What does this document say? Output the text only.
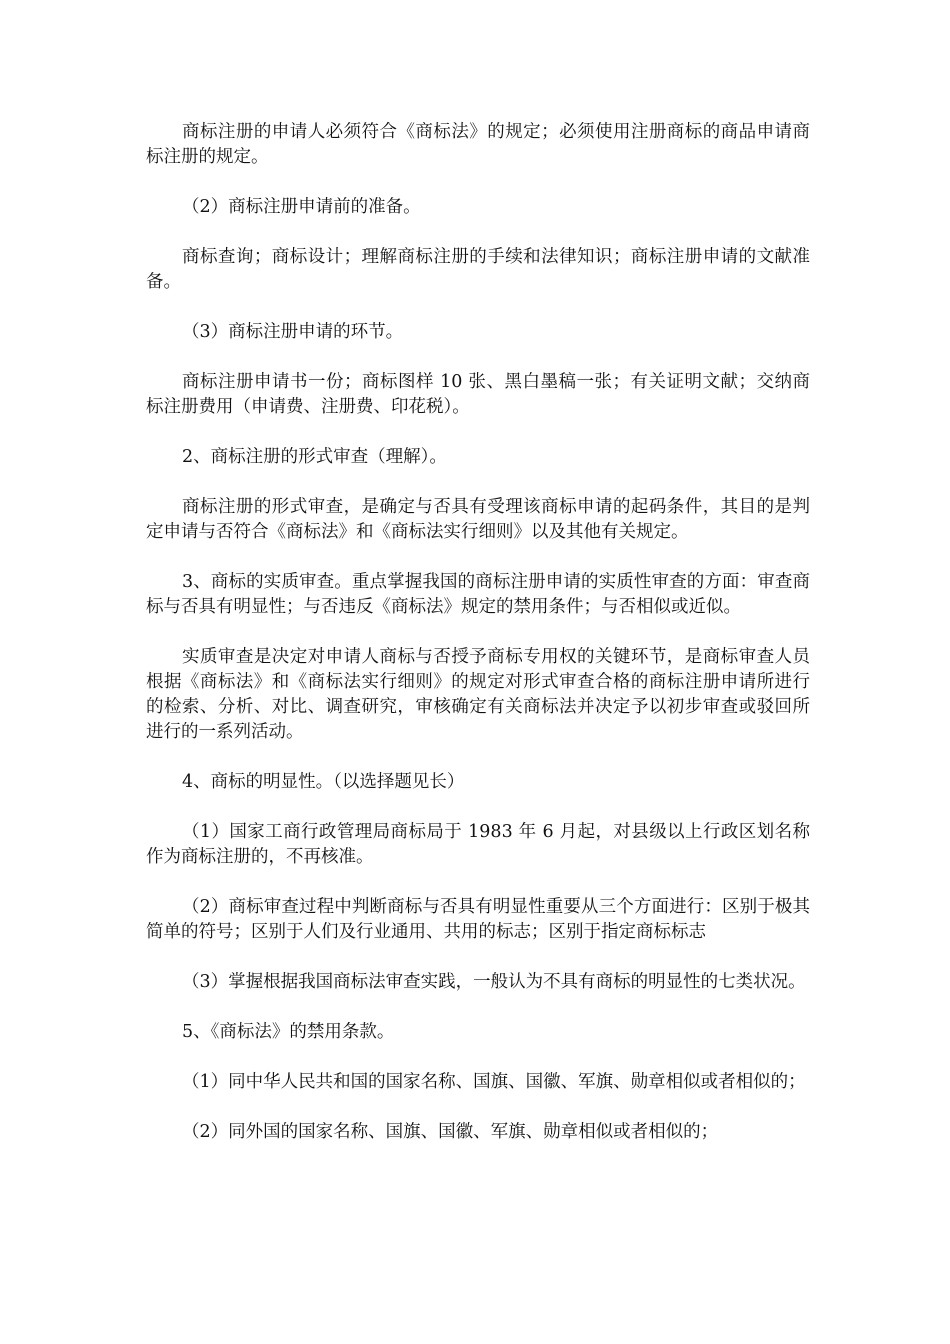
商标注册的申请人必须符合《商标法》的规定；必须使用注册商标的商品申请商标注册的规定。

（2）商标注册申请前的准备。

商标查询；商标设计；理解商标注册的手续和法律知识；商标注册申请的文献准备。

（3）商标注册申请的环节。

商标注册申请书一份；商标图样 10 张、黑白墨稿一张；有关证明文献；交纳商标注册费用（申请费、注册费、印花税）。

2、商标注册的形式审查（理解）。

商标注册的形式审查，是确定与否具有受理该商标申请的起码条件，其目的是判定申请与否符合《商标法》和《商标法实行细则》以及其他有关规定。

3、商标的实质审查。重点掌握我国的商标注册申请的实质性审查的方面：审查商标与否具有明显性；与否违反《商标法》规定的禁用条件；与否相似或近似。

实质审查是决定对申请人商标与否授予商标专用权的关键环节，是商标审查人员根据《商标法》和《商标法实行细则》的规定对形式审查合格的商标注册申请所进行的检索、分析、对比、调查研究，审核确定有关商标法并决定予以初步审查或驳回所进行的一系列活动。

4、商标的明显性。（以选择题见长）

（1）国家工商行政管理局商标局于 1983 年 6 月起，对县级以上行政区划名称作为商标注册的，不再核准。

（2）商标审查过程中判断商标与否具有明显性重要从三个方面进行：区别于极其简单的符号；区别于人们及行业通用、共用的标志；区别于指定商标标志

（3）掌握根据我国商标法审查实践，一般认为不具有商标的明显性的七类状况。

5、《商标法》的禁用条款。

（1）同中华人民共和国的国家名称、国旗、国徽、军旗、勋章相似或者相似的；

（2）同外国的国家名称、国旗、国徽、军旗、勋章相似或者相似的；
